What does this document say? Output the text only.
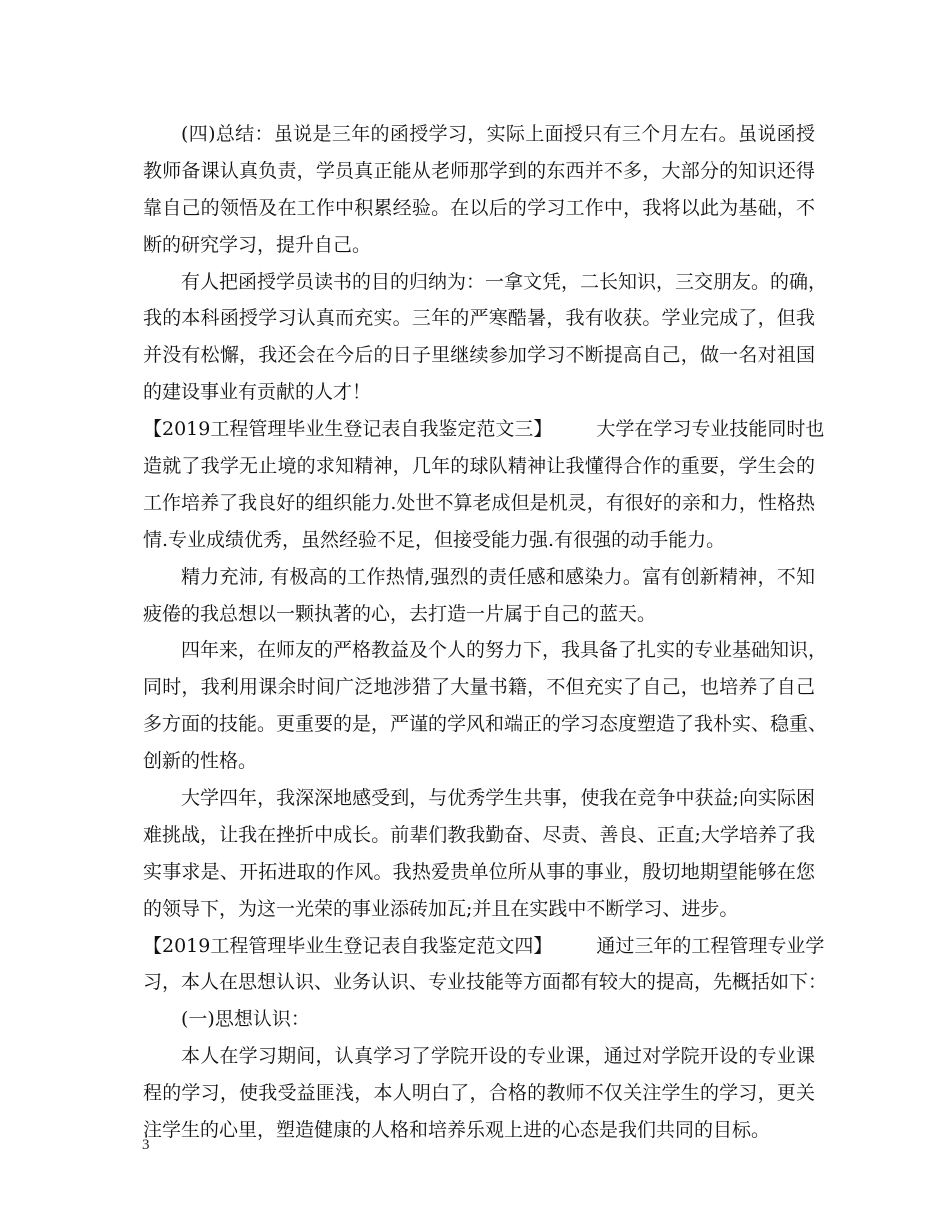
(四)总结：虽说是三年的函授学习，实际上面授只有三个月左右。虽说函授
教师备课认真负责，学员真正能从老师那学到的东西并不多，大部分的知识还得
靠自己的领悟及在工作中积累经验。在以后的学习工作中，我将以此为基础，不
断的研究学习，提升自己。
有人把函授学员读书的目的归纳为：一拿文凭，二长知识，三交朋友。的确，
我的本科函授学习认真而充实。三年的严寒酷暑，我有收获。学业完成了，但我
并没有松懈，我还会在今后的日子里继续参加学习不断提高自己，做一名对祖国
的建设事业有贡献的人才！
【2019工程管理毕业生登记表自我鉴定范文三】 大学在学习专业技能同时也
造就了我学无止境的求知精神，几年的球队精神让我懂得合作的重要，学生会的
工作培养了我良好的组织能力.处世不算老成但是机灵，有很好的亲和力，性格热
情.专业成绩优秀，虽然经验不足，但接受能力强.有很强的动手能力。
精力充沛, 有极高的工作热情,强烈的责任感和感染力。富有创新精神，不知
疲倦的我总想以一颗执著的心，去打造一片属于自己的蓝天。
四年来，在师友的严格教益及个人的努力下，我具备了扎实的专业基础知识，
同时，我利用课余时间广泛地涉猎了大量书籍，不但充实了自己，也培养了自己
多方面的技能。更重要的是，严谨的学风和端正的学习态度塑造了我朴实、稳重、
创新的性格。
大学四年，我深深地感受到，与优秀学生共事，使我在竞争中获益;向实际困
难挑战，让我在挫折中成长。前辈们教我勤奋、尽责、善良、正直;大学培养了我
实事求是、开拓进取的作风。我热爱贵单位所从事的事业，殷切地期望能够在您
的领导下，为这一光荣的事业添砖加瓦;并且在实践中不断学习、进步。
【2019工程管理毕业生登记表自我鉴定范文四】 通过三年的工程管理专业学
习，本人在思想认识、业务认识、专业技能等方面都有较大的提高，先概括如下：
(一)思想认识：
本人在学习期间，认真学习了学院开设的专业课，通过对学院开设的专业课
程的学习，使我受益匪浅，本人明白了，合格的教师不仅关注学生的学习，更关
注学生的心里，塑造健康的人格和培养乐观上进的心态是我们共同的目标。
3
